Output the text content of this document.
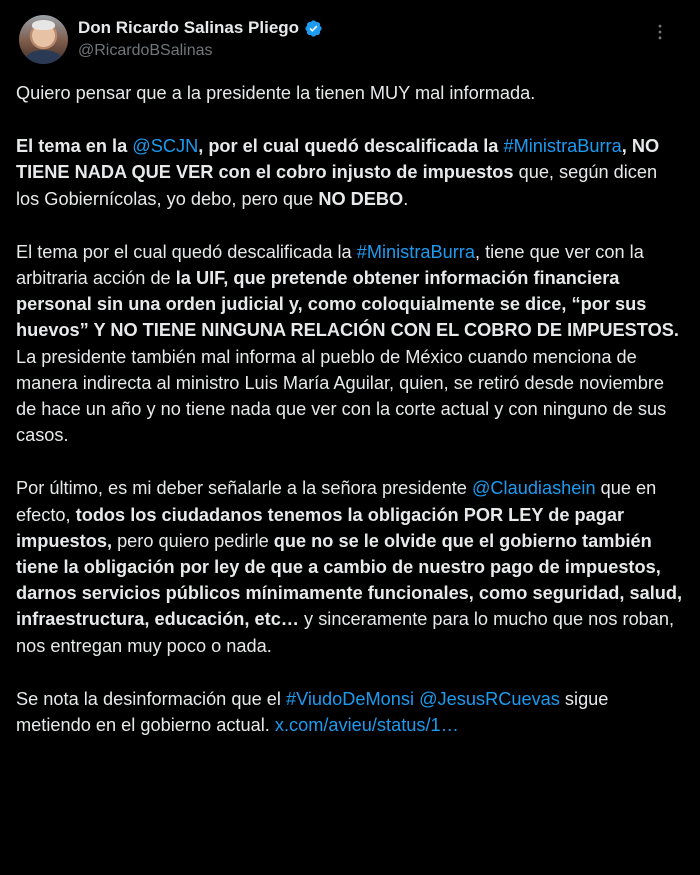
Don Ricardo Salinas Pliego
@RicardoBSalinas

Quiero pensar que a la presidente la tienen MUY mal informada.

El tema en la @SCJN, por el cual quedó descalificada la #MinistraBurra, NO TIENE NADA QUE VER con el cobro injusto de impuestos que, según dicen los Gobiernícolas, yo debo, pero que NO DEBO.

El tema por el cual quedó descalificada la #MinistraBurra, tiene que ver con la arbitraria acción de la UIF, que pretende obtener información financiera personal sin una orden judicial y, como coloquialmente se dice, “por sus huevos” Y NO TIENE NINGUNA RELACIÓN CON EL COBRO DE IMPUESTOS. La presidente también mal informa al pueblo de México cuando menciona de manera indirecta al ministro Luis María Aguilar, quien, se retiró desde noviembre de hace un año y no tiene nada que ver con la corte actual y con ninguno de sus casos.

Por último, es mi deber señalarle a la señora presidente @Claudiashein que en efecto, todos los ciudadanos tenemos la obligación POR LEY de pagar impuestos, pero quiero pedirle que no se le olvide que el gobierno también tiene la obligación por ley de que a cambio de nuestro pago de impuestos, darnos servicios públicos mínimamente funcionales, como seguridad, salud, infraestructura, educación, etc… y sinceramente para lo mucho que nos roban, nos entregan muy poco o nada.

Se nota la desinformación que el #ViudoDeMonsi @JesusRCuevas sigue metiendo en el gobierno actual. x.com/avieu/status/1…
